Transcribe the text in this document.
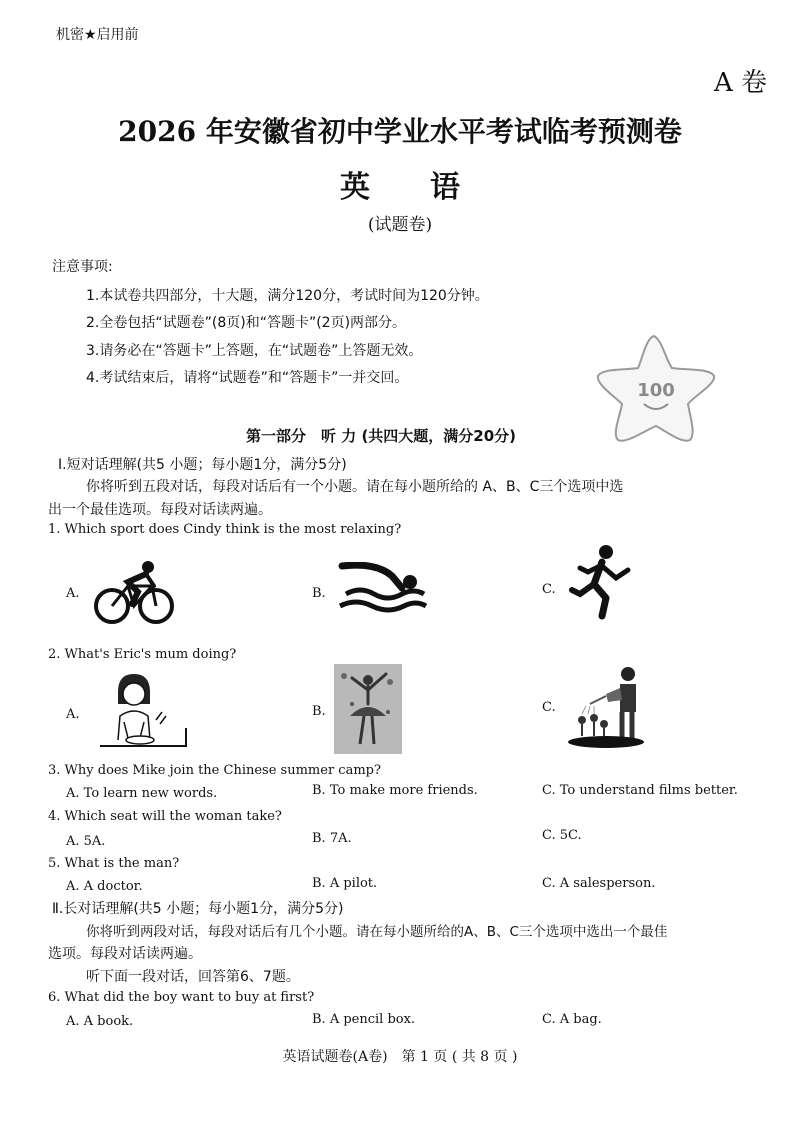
机密★启用前
A 卷
2026 年安徽省初中学业水平考试临考预测卷
英　　语
(试题卷)
注意事项:
1.本试卷共四部分，十大题，满分120分，考试时间为120分钟。
2.全卷包括“试题卷”(8页)和“答题卡”(2页)两部分。
3.请务必在“答题卡”上答题，在“试题卷”上答题无效。
4.考试结束后，请将“试题卷”和“答题卡”一并交回。
100
第一部分　听 力 (共四大题，满分20分)
Ⅰ.短对话理解(共5 小题；每小题1分，满分5分)
你将听到五段对话，每段对话后有一个小题。请在每小题所给的 A、B、C三个选项中选
出一个最佳选项。每段对话读两遍。
1. Which sport does Cindy think is the most relaxing?
A.	B.	C.
2. What's Eric's mum doing?
A.	B.	C.
3. Why does Mike join the Chinese summer camp?
A. To learn new words.	B. To make more friends.	C. To understand films better.
4. Which seat will the woman take?
A. 5A.	B. 7A.	C. 5C.
5. What is the man?
A. A doctor.	B. A pilot.	C. A salesperson.
Ⅱ.长对话理解(共5 小题；每小题1分，满分5分)
你将听到两段对话，每段对话后有几个小题。请在每小题所给的A、B、C三个选项中选出一个最佳
选项。每段对话读两遍。
听下面一段对话，回答第6、7题。
6. What did the boy want to buy at first?
A. A book.	B. A pencil box.	C. A bag.
英语试题卷(A卷)　第 1 页 ( 共 8 页 )
